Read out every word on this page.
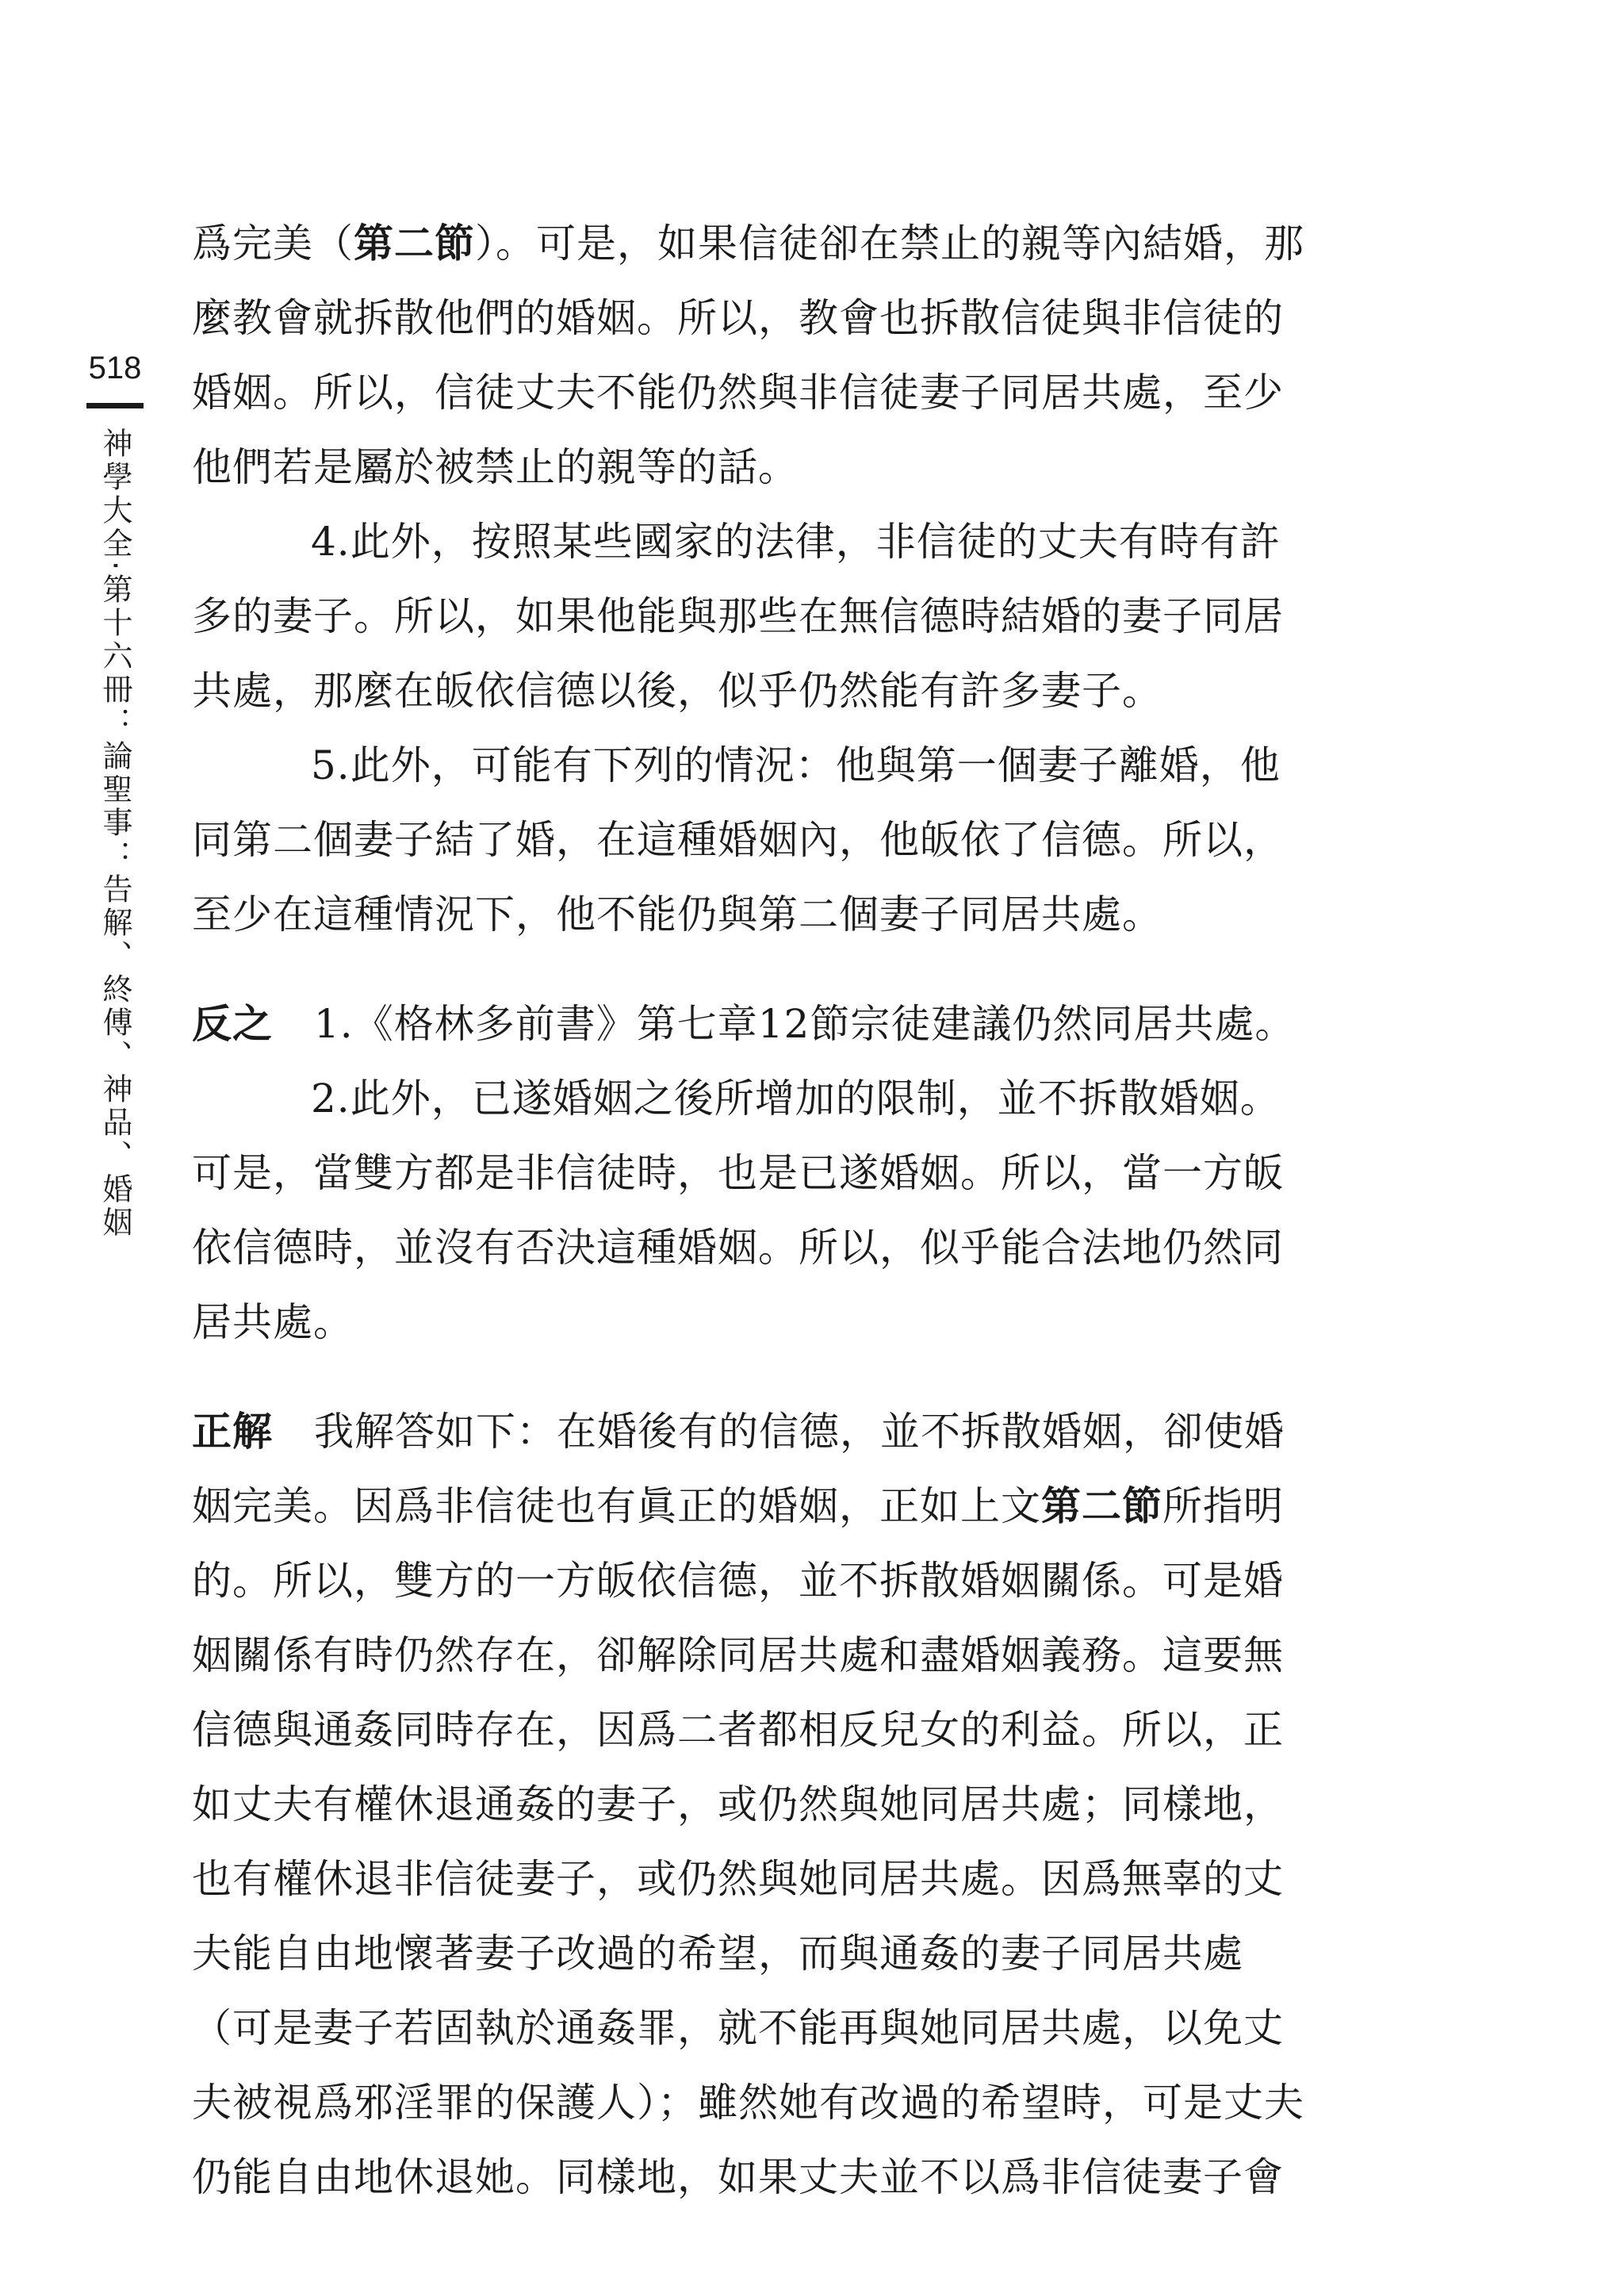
518
神學大全‧第十六冊：論聖事：告解、終傅、神品、婚姻

爲完美（第二節）。可是，如果信徒卻在禁止的親等內結婚，那麼教會就拆散他們的婚姻。所以，教會也拆散信徒與非信徒的婚姻。所以，信徒丈夫不能仍然與非信徒妻子同居共處，至少他們若是屬於被禁止的親等的話。

4.此外，按照某些國家的法律，非信徒的丈夫有時有許多的妻子。所以，如果他能與那些在無信德時結婚的妻子同居共處，那麼在皈依信德以後，似乎仍然能有許多妻子。

5.此外，可能有下列的情況：他與第一個妻子離婚，他同第二個妻子結了婚，在這種婚姻內，他皈依了信德。所以，至少在這種情況下，他不能仍與第二個妻子同居共處。

反之 1.《格林多前書》第七章12節宗徒建議仍然同居共處。

2.此外，已遂婚姻之後所增加的限制，並不拆散婚姻。可是，當雙方都是非信徒時，也是已遂婚姻。所以，當一方皈依信德時，並沒有否決這種婚姻。所以，似乎能合法地仍然同居共處。

正解 我解答如下：在婚後有的信德，並不拆散婚姻，卻使婚姻完美。因爲非信徒也有眞正的婚姻，正如上文第二節所指明的。所以，雙方的一方皈依信德，並不拆散婚姻關係。可是婚姻關係有時仍然存在，卻解除同居共處和盡婚姻義務。這要無信德與通姦同時存在，因爲二者都相反兒女的利益。所以，正如丈夫有權休退通姦的妻子，或仍然與她同居共處；同樣地，也有權休退非信徒妻子，或仍然與她同居共處。因爲無辜的丈夫能自由地懷著妻子改過的希望，而與通姦的妻子同居共處（可是妻子若固執於通姦罪，就不能再與她同居共處，以免丈夫被視爲邪淫罪的保護人）；雖然她有改過的希望時，可是丈夫仍能自由地休退她。同樣地，如果丈夫並不以爲非信徒妻子會
